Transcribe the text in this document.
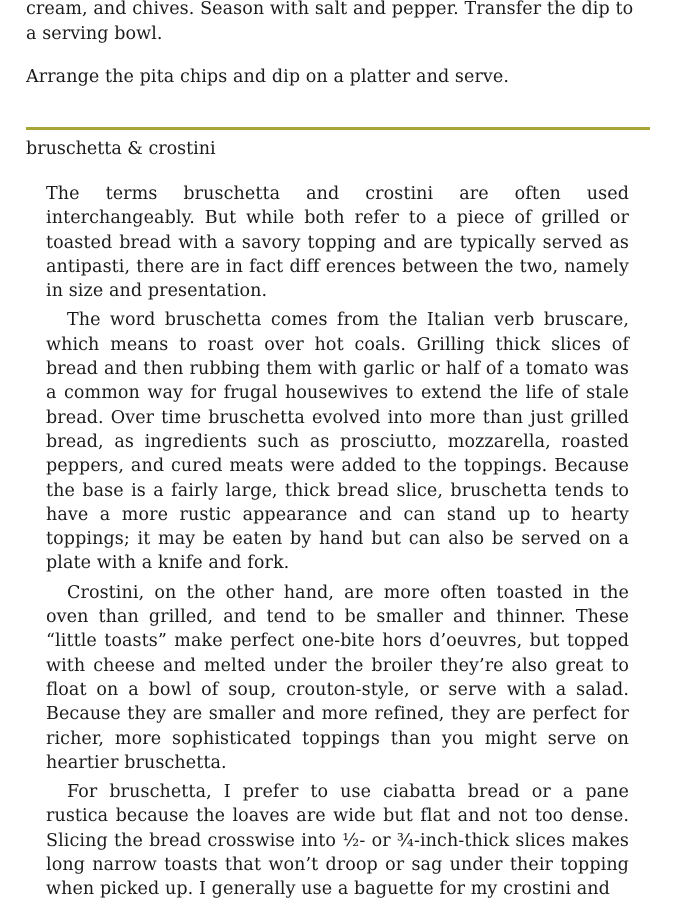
cream, and chives. Season with salt and pepper. Transfer the dip to

a serving bowl.

Arrange the pita chips and dip on a platter and serve.

bruschetta & crostini

The terms bruschetta and crostini are often used interchangeably. But while both refer to a piece of grilled or toasted bread with a savory topping and are typically served as antipasti, there are in fact diff erences between the two, namely in size and presentation.

The word bruschetta comes from the Italian verb bruscare, which means to roast over hot coals. Grilling thick slices of bread and then rubbing them with garlic or half of a tomato was a common way for frugal housewives to extend the life of stale bread. Over time bruschetta evolved into more than just grilled bread, as ingredients such as prosciutto, mozzarella, roasted peppers, and cured meats were added to the toppings. Because the base is a fairly large, thick bread slice, bruschetta tends to have a more rustic appearance and can stand up to hearty toppings; it may be eaten by hand but can also be served on a plate with a knife and fork.

Crostini, on the other hand, are more often toasted in the oven than grilled, and tend to be smaller and thinner. These “little toasts” make perfect one-bite hors d’oeuvres, but topped with cheese and melted under the broiler they’re also great to float on a bowl of soup, crouton-style, or serve with a salad. Because they are smaller and more refined, they are perfect for richer, more sophisticated toppings than you might serve on heartier bruschetta.

For bruschetta, I prefer to use ciabatta bread or a pane rustica because the loaves are wide but flat and not too dense. Slicing the bread crosswise into ½- or ¾-inch-thick slices makes long narrow toasts that won’t droop or sag under their topping when picked up. I generally use a baguette for my crostini and
